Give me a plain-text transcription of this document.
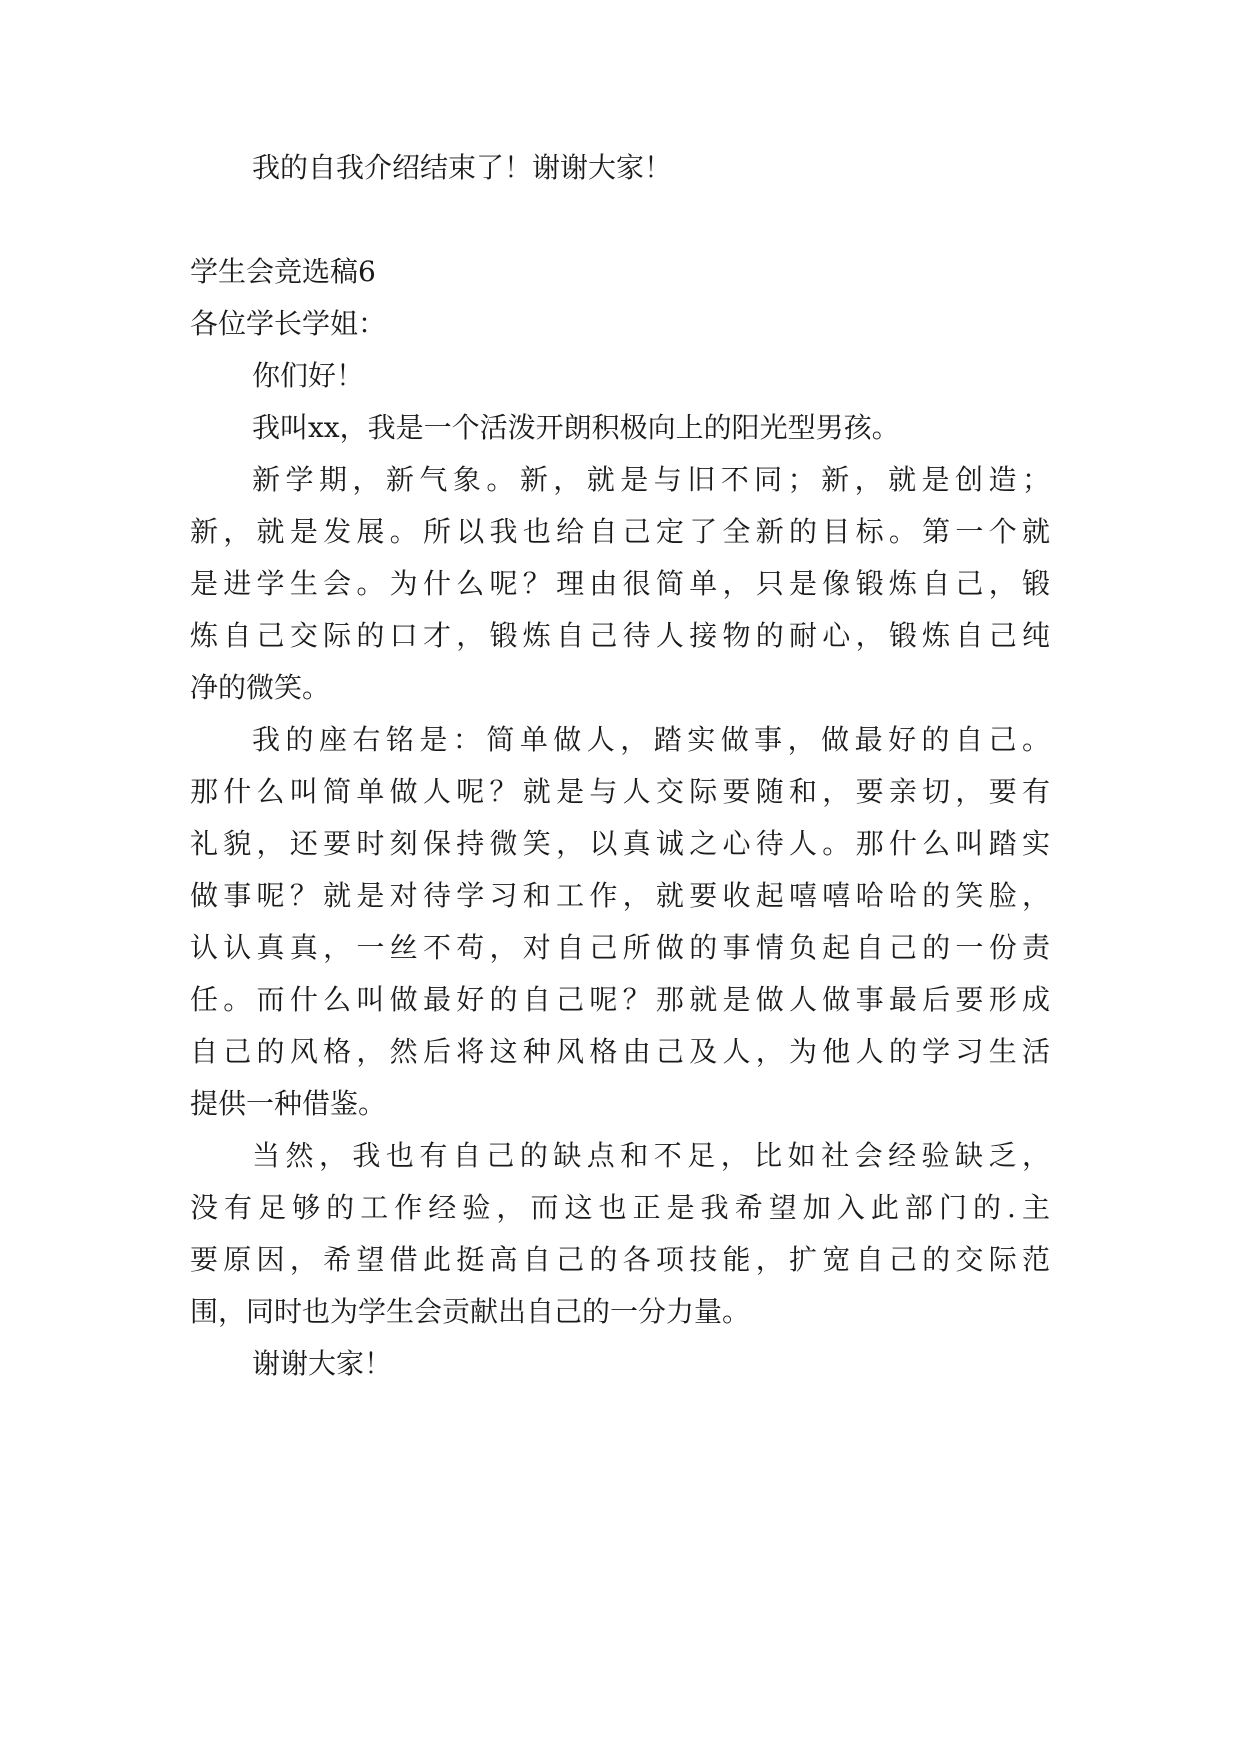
我的自我介绍结束了！谢谢大家！
学生会竞选稿6
各位学长学姐：
你们好！
我叫xx，我是一个活泼开朗积极向上的阳光型男孩。
新学期，新气象。新，就是与旧不同；新，就是创造；
新，就是发展。所以我也给自己定了全新的目标。第一个就
是进学生会。为什么呢？理由很简单，只是像锻炼自己，锻
炼自己交际的口才，锻炼自己待人接物的耐心，锻炼自己纯
净的微笑。
我的座右铭是：简单做人，踏实做事，做最好的自己。
那什么叫简单做人呢？就是与人交际要随和，要亲切，要有
礼貌，还要时刻保持微笑，以真诚之心待人。那什么叫踏实
做事呢？就是对待学习和工作，就要收起嘻嘻哈哈的笑脸，
认认真真，一丝不苟，对自己所做的事情负起自己的一份责
任。而什么叫做最好的自己呢？那就是做人做事最后要形成
自己的风格，然后将这种风格由己及人，为他人的学习生活
提供一种借鉴。
当然，我也有自己的缺点和不足，比如社会经验缺乏，
没有足够的工作经验，而这也正是我希望加入此部门的.主
要原因，希望借此挺高自己的各项技能，扩宽自己的交际范
围，同时也为学生会贡献出自己的一分力量。
谢谢大家！
